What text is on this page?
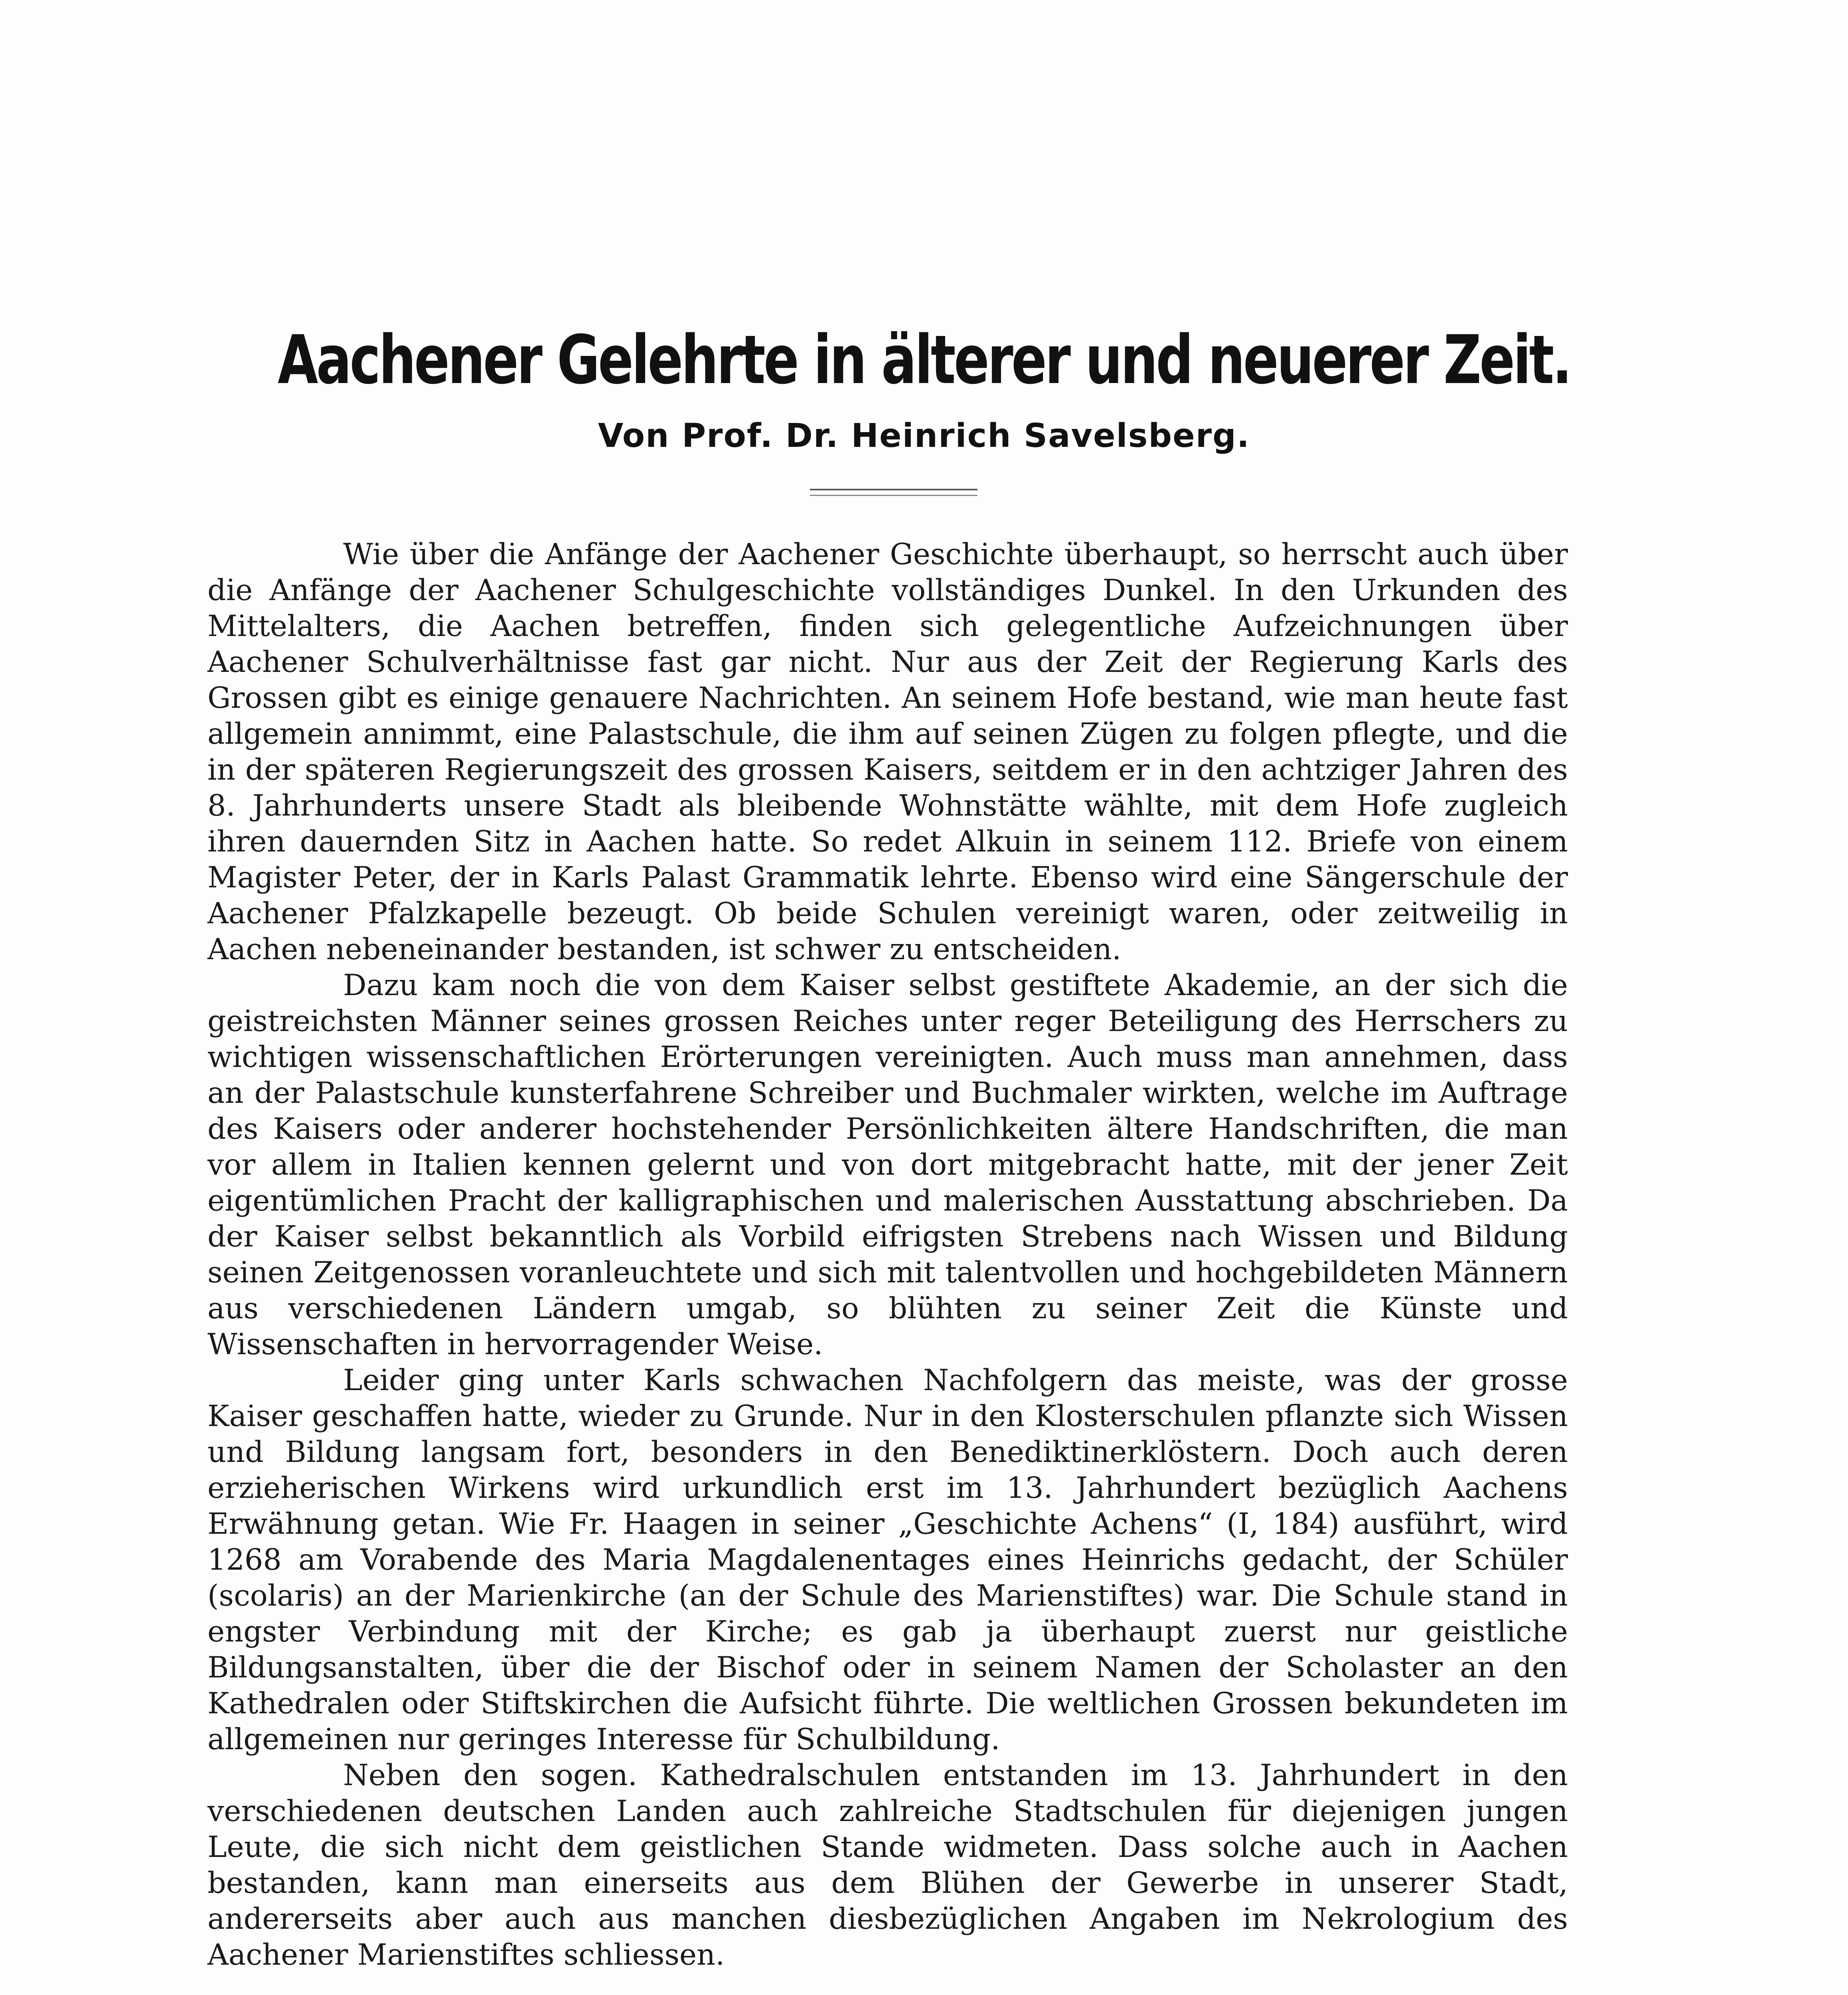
Aachener Gelehrte in älterer und neuerer Zeit.
Von Prof. Dr. Heinrich Savelsberg.

Wie über die Anfänge der Aachener Geschichte überhaupt, so herrscht auch über die Anfänge der Aachener Schulgeschichte vollständiges Dunkel. In den Urkunden des Mittelalters, die Aachen betreffen, finden sich gelegentliche Aufzeichnungen über Aachener Schulverhältnisse fast gar nicht. Nur aus der Zeit der Regierung Karls des Grossen gibt es einige genauere Nachrichten. An seinem Hofe bestand, wie man heute fast allgemein annimmt, eine Palastschule, die ihm auf seinen Zügen zu folgen pflegte, und die in der späteren Regierungszeit des grossen Kaisers, seitdem er in den achtziger Jahren des 8. Jahrhunderts unsere Stadt als bleibende Wohnstätte wählte, mit dem Hofe zugleich ihren dauernden Sitz in Aachen hatte. So redet Alkuin in seinem 112. Briefe von einem Magister Peter, der in Karls Palast Grammatik lehrte. Ebenso wird eine Sängerschule der Aachener Pfalzkapelle bezeugt. Ob beide Schulen vereinigt waren, oder zeitweilig in Aachen nebeneinander bestanden, ist schwer zu entscheiden.

Dazu kam noch die von dem Kaiser selbst gestiftete Akademie, an der sich die geistreichsten Männer seines grossen Reiches unter reger Beteiligung des Herrschers zu wichtigen wissenschaftlichen Erörterungen vereinigten. Auch muss man annehmen, dass an der Palastschule kunsterfahrene Schreiber und Buchmaler wirkten, welche im Auftrage des Kaisers oder anderer hochstehender Persönlichkeiten ältere Handschriften, die man vor allem in Italien kennen gelernt und von dort mitgebracht hatte, mit der jener Zeit eigentümlichen Pracht der kalligraphischen und malerischen Ausstattung abschrieben. Da der Kaiser selbst bekanntlich als Vorbild eifrigsten Strebens nach Wissen und Bildung seinen Zeitgenossen voranleuchtete und sich mit talentvollen und hochgebildeten Männern aus verschiedenen Ländern umgab, so blühten zu seiner Zeit die Künste und Wissenschaften in hervorragender Weise.

Leider ging unter Karls schwachen Nachfolgern das meiste, was der grosse Kaiser geschaffen hatte, wieder zu Grunde. Nur in den Klosterschulen pflanzte sich Wissen und Bildung langsam fort, besonders in den Benediktinerklöstern. Doch auch deren erzieherischen Wirkens wird urkundlich erst im 13. Jahrhundert bezüglich Aachens Erwähnung getan. Wie Fr. Haagen in seiner „Geschichte Achens“ (I, 184) ausführt, wird 1268 am Vorabende des Maria Magdalenentages eines Heinrichs gedacht, der Schüler (scolaris) an der Marienkirche (an der Schule des Marienstiftes) war. Die Schule stand in engster Verbindung mit der Kirche; es gab ja überhaupt zuerst nur geistliche Bildungsanstalten, über die der Bischof oder in seinem Namen der Scholaster an den Kathedralen oder Stiftskirchen die Aufsicht führte. Die weltlichen Grossen bekundeten im allgemeinen nur geringes Interesse für Schulbildung.

Neben den sogen. Kathedralschulen entstanden im 13. Jahrhundert in den verschiedenen deutschen Landen auch zahlreiche Stadtschulen für diejenigen jungen Leute, die sich nicht dem geistlichen Stande widmeten. Dass solche auch in Aachen bestanden, kann man einerseits aus dem Blühen der Gewerbe in unserer Stadt, andererseits aber auch aus manchen diesbezüglichen Angaben im Nekrologium des Aachener Marienstiftes schliessen.
